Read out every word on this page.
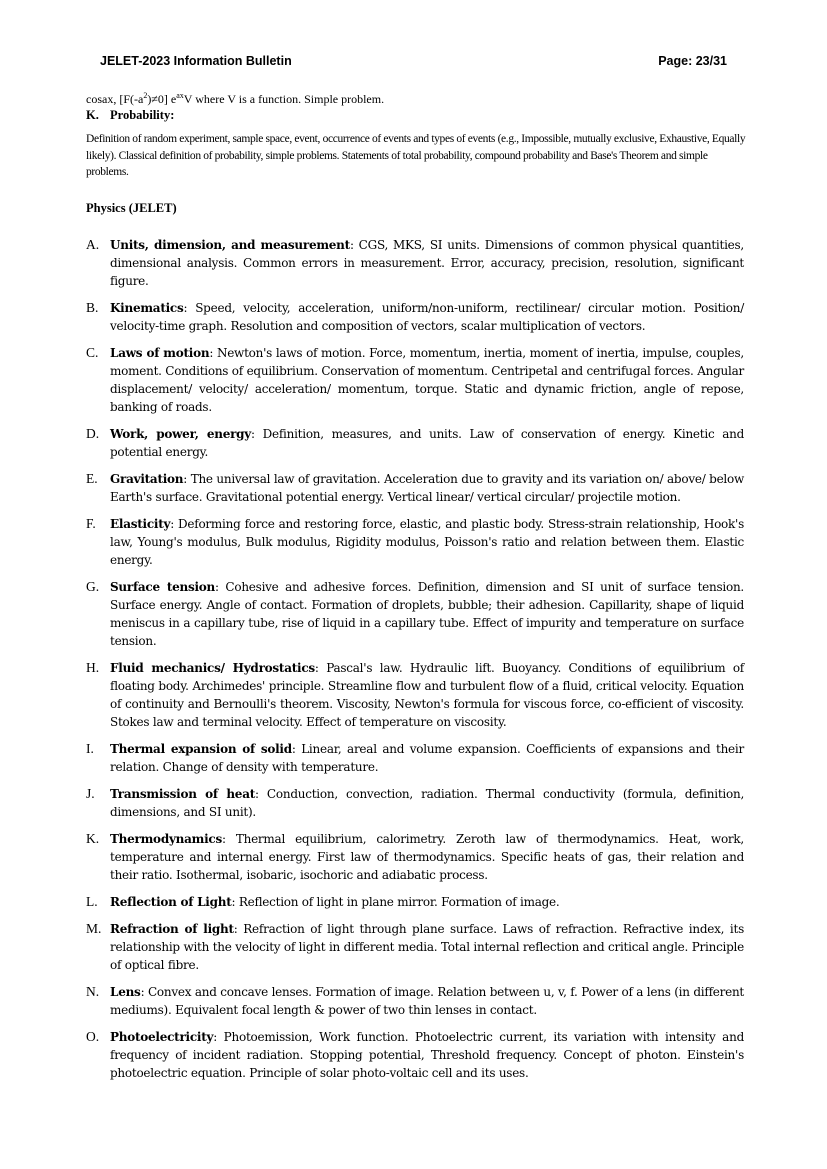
JELET-2023 Information Bulletin	Page: 23/31

cosax, $[F(-a^2)\ne 0]$ $e^{ax}V$ where V is a function. Simple problem.

K. Probability:

Definition of random experiment, sample space, event, occurrence of events and types of events (e.g., Impossible, mutually exclusive, Exhaustive, Equally likely). Classical definition of probability, simple problems. Statements of total probability, compound probability and Base's Theorem and simple problems.

Physics (JELET)
A. Units, dimension, and measurement: CGS, MKS, SI units. Dimensions of common physical quantities, dimensional analysis. Common errors in measurement. Error, accuracy, precision, resolution, significant figure.
B. Kinematics: Speed, velocity, acceleration, uniform/non-uniform, rectilinear/ circular motion. Position/ velocity-time graph. Resolution and composition of vectors, scalar multiplication of vectors.
C. Laws of motion: Newton's laws of motion. Force, momentum, inertia, moment of inertia, impulse, couples, moment. Conditions of equilibrium. Conservation of momentum. Centripetal and centrifugal forces. Angular displacement/ velocity/ acceleration/ momentum, torque. Static and dynamic friction, angle of repose, banking of roads.
D. Work, power, energy: Definition, measures, and units. Law of conservation of energy. Kinetic and potential energy.
E.	Gravitation: The universal law of gravitation. Acceleration due to gravity and its variation on/ above/ below Earth's surface. Gravitational potential energy. Vertical linear/ vertical circular/ projectile motion.
F.	Elasticity: Deforming force and restoring force, elastic, and plastic body. Stress-strain relationship, Hook's law, Young's modulus, Bulk modulus, Rigidity modulus, Poisson's ratio and relation between them. Elastic energy.
G. Surface tension: Cohesive and adhesive forces. Definition, dimension and SI unit of surface tension. Surface energy. Angle of contact. Formation of droplets, bubble; their adhesion. Capillarity, shape of liquid meniscus in a capillary tube, rise of liquid in a capillary tube. Effect of impurity and temperature on surface tension.
H. Fluid mechanics/ Hydrostatics: Pascal's law. Hydraulic lift. Buoyancy. Conditions of equilibrium of floating body. Archimedes' principle. Streamline flow and turbulent flow of a fluid, critical velocity. Equation of continuity and Bernoulli's theorem. Viscosity, Newton's formula for viscous force, co-efficient of viscosity. Stokes law and terminal velocity. Effect of temperature on viscosity.
I.	Thermal expansion of solid: Linear, areal and volume expansion. Coefficients of expansions and their relation. Change of density with temperature.
J.	Transmission of heat: Conduction, convection, radiation. Thermal conductivity (formula, definition, dimensions, and SI unit).
K. Thermodynamics: Thermal equilibrium, calorimetry. Zeroth law of thermodynamics. Heat, work, temperature and internal energy. First law of thermodynamics. Specific heats of gas, their relation and their ratio. Isothermal, isobaric, isochoric and adiabatic process.
L.	Reflection of Light: Reflection of light in plane mirror. Formation of image.
M. Refraction of light: Refraction of light through plane surface. Laws of refraction. Refractive index, its relationship with the velocity of light in different media. Total internal reflection and critical angle. Principle of optical fibre.
N. Lens: Convex and concave lenses. Formation of image. Relation between u, v, f. Power of a lens (in different mediums). Equivalent focal length & power of two thin lenses in contact.
O. Photoelectricity: Photoemission, Work function. Photoelectric current, its variation with intensity and frequency of incident radiation. Stopping potential, Threshold frequency. Concept of photon. Einstein's photoelectric equation. Principle of solar photo-voltaic cell and its uses.
